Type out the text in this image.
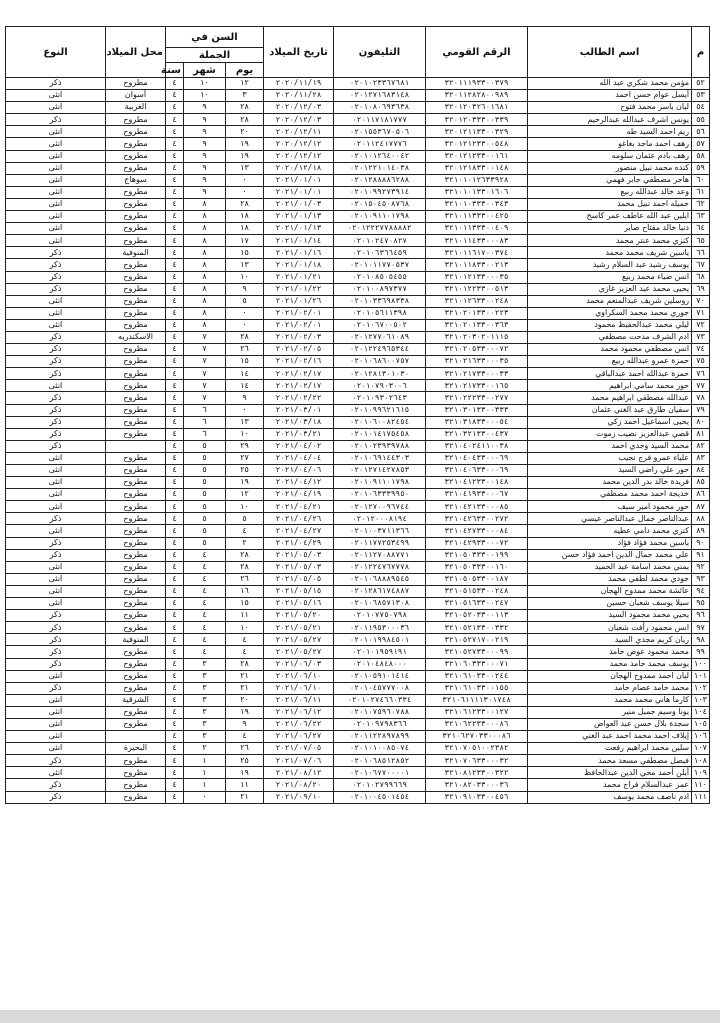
م	اسم الطالب	الرقم القومي	التليفون	تاريخ الميلاد	السن في			محل الميلاد	النوع
					الجملة				
					يوم	شهر	سنة		
٥٢	مؤمن محمد شكري عبد الله	٣٢٠١١١٩٣٣٠٠٣٧٩	٠٢٠١٠٢٣٣٦٧٦٨١	٢٠٢٠/١١/١٩	١٢	١٠	٤	مطروح	ذكر
٥٣	أيسل عوام حسن احمد	٣٢٠١١٢٨٢٨٠٠٩٨٩	٠٢٠١٢٧١٦٨٣١٤٨	٢٠٢٠/١١/٢٨	٣	١٠	٤	أسوان	انثى
٥٤	ليان ياسر محمد فتوح	٣٢٠١٢٠٣٢٦٠١٦٨١	٠٢٠١٠٨٠٦٩٣٦٣٨	٢٠٢٠/١٢/٠٣	٢٨	٩	٤	الغربية	انثى
٥٥	يونس اشرف عبدالله عبدالرحيم	٣٢٠١٢٠٣٣٣٠٠٣٣٩	٠٢٠١١٧١٨١٧٧٧	٢٠٢٠/١٢/٠٣	٢٨	٩	٤	مطروح	ذكر
٥٦	ريم احمد السيد طه	٣٢٠١٢١١٣٣٠٠٣٢٩	٠٢٠١٥٥٣٦٧٠٥٠٦	٢٠٢٠/١٢/١١	٢٠	٩	٤	مطروح	انثى
٥٧	رهف احمد ماجد بغاغو	٣٢٠١٢١٢٣٣٠٠٥٤٨	٠٢٠١١٢٤١٧٧٧٦	٢٠٢٠/١٢/١٢	١٩	٩	٤	مطروح	انثى
٥٨	رهف بادم عثمان سلومه	٣٢٠١٢١٢٣٣٠٠١٦١	٠٢٠١٠١٢٦٤٠٠٤٢	٢٠٢٠/١٢/١٢	١٩	٩	٤	مطروح	انثى
٥٩	كنده محمد نبيل منصور	٣٢٠١٢١٨٣٣٠٠١٤٨	٠٢٠١٢٢١٠١٤٠٣٨	٢٠٢٠/١٢/١٨	١٣	٩	٤	مطروح	انثى
٦٠	هاجر مصطفي جابر فهمي	٣٢١٠١٠١٢٦٣٣٩٢٨	٠٢٠١٢٨٨٨٨٦٢٨٨	٢٠٢١/٠١/٠١	٠	٩	٤	سوهاج	انثى
٦١	وعد خالد عبدالله ربيع	٣٢١٠١٠١٣٣٠١٦٠٦	٠٢٠١٠٩٩٢٧٣٩١٤	٢٠٢١/٠١/٠١	٠	٩	٤	مطروح	انثى
٦٢	جميله احمد نبيل محمد	٣٢١٠١٠٣٣٣٠٠٣٤٣	٠٢٠١٥٠٤٥٠٨٧٦٨	٢٠٢١/٠١/٠٣	٢٨	٨	٤	مطروح	انثى
٦٣	ايلين عبد الله عاطف عمر كاسح	٣٢١٠١١٣٣٣٠٠٤٢٥	٠٢٠١٠٩١١٠١٧٩٨	٢٠٢١/٠١/١٣	١٨	٨	٤	مطروح	انثى
٦٤	دنيا خالد مفتاح صابر	٣٢١٠١١٣٣٣٠٠٤٠٩	٠٢٠١٢٢٢٧٧٨٨٨٨٢	٢٠٢١/٠١/١٣	١٨	٨	٤	مطروح	انثى
٦٥	كنزي محمد عنتر محمد	٣٢١٠١١٤٣٣٠٠٠٨٣	٠٢٠١٠٢٤٧٠٨٢٧	٢٠٢١/٠١/١٤	١٧	٨	٤	مطروح	انثى
٦٦	ياسين شريف محمد محمد	٣٢١٠١١٦١٧٠٠٣٧٤	٠٢٠١٠٦٣٦٦٤٥٩	٢٠٢١/٠١/١٦	١٥	٨	٤	المنوفية	ذكر
٦٧	يوسف رشيد عبد السلام رشيد	٣٢١٠١١٨٣٣٠٠٢١٣	٠٢٠١٠١١٧٧٠٥٣٧	٢٠٢١/٠١/١٨	١٣	٨	٤	مطروح	ذكر
٦٨	انس ضياء محمد ربيع	٣٢١٠١٢١٣٣٠٠٠٣٥	٠٢٠١٠٨٥٠٥٤٥٥	٢٠٢١/٠١/٢١	١٠	٨	٤	مطروح	ذكر
٦٩	يحيى محمد عبد العزيز غازي	٣٢١٠١٢٢٣٣٠٠٥١٣	٠٢٠١٠٠٨٩٧٣٧٧	٢٠٢١/٠١/٢٢	٩	٨	٤	مطروح	ذكر
٧٠	روسلين شريف عبدالمنعم محمد	٣٢١٠١٢٦٣٣٠٠٢٤٨	٠٢٠١٠٣٣٦٩٨٣٣٨	٢٠٢١/٠١/٢٦	٥	٨	٤	مطروح	انثى
٧١	جوري محمد محمد السكراوي	٣٢١٠٢٠١٣٣٠٠٢٢٣	٠٢٠١٠٥٦١١٣٩٨	٢٠٢١/٠٢/٠١	٠	٨	٤	مطروح	انثى
٧٢	ليلي محمد عبدالحفيظ محمود	٣٢١٠٢٠١٣٣٠٠٣٦٣	٠٢٠١٠٦٧٠٠٥٠٢	٢٠٢١/٠٢/٠١	٠	٨	٤	مطروح	انثى
٧٣	ادم الشرف مدحت مصطفي	٣٢١٠٢٠٣٠٢٠١١١٥	٠٢٠١٢٧٧٠٦١٠٨٩	٢٠٢١/٠٢/٠٣	٢٨	٧	٤	الاسكندريه	ذكر
٧٤	انس مصطفي محمود محمد	٣٢١٠٢٠٥٣٣٠٠٠٧٢	٠٢٠١٢٢٤٩٦٥٣٤٤	٢٠٢١/٠٢/٠٥	٢٦	٧	٤	مطروح	ذكر
٧٥	حمزة عمرو عبدالله ربيع	٣٢١٠٢١٦٣٣٠٠٠٣٥	٠٢٠١٠٦٨٦٠٠٧٥٧	٢٠٢١/٠٢/١٦	١٥	٧	٤	مطروح	ذكر
٧٦	حمزة عبدالله احمد عبدالباقي	٣٢١٠٢١٧٣٣٠٠٠٣٣	٠٢٠١٢٨١٣٠١٠٣٠	٢٠٢١/٠٢/١٧	١٤	٧	٤	مطروح	ذكر
٧٧	حور محمد سامي ابراهيم	٣٢١٠٢١٧٣٣٠٠١٦٥	٠٢٠١٠٧٩٠٣٠٠٦	٢٠٢١/٠٢/١٧	١٤	٧	٤	مطروح	انثى
٧٨	عبدالله مصطفي ابراهيم محمد	٣٢١٠٢٢٢٣٣٠٠٢٧٧	٠٢٠١٠٩٣٠٢٦٤٣	٢٠٢١/٠٢/٢٢	٩	٧	٤	مطروح	ذكر
٧٩	سفيان طارق عبد الغني عثمان	٣٢١٠٣٠١٣٣٠٠٣٣٣	٠٢٠١٠٩٩٦٢١٦١٥	٢٠٢١/٠٣/٠١	٠	٦	٤	مطروح	ذكر
٨٠	يحيى اسماعيل احمد زكي	٣٢١٠٣١٨٣٣٠٠٠٥٤	٠٢٠١٠٦٠٠٨٢٤٥٤	٢٠٢١/٠٣/١٨	١٣	٦	٤	مطروح	ذكر
٨١	قصي عبدالعزيز نصيب زموت	٣٢١٠٣٢١٣٣٠٠٤٣٧	٠٢٠١٠١٤١٧٥٤٥٨	٢٠٢١/٠٣/٢١	١٠	٦	٤	مطروح	ذكر
٨٢	محمد السيد وجدي احمد	٣٢١٠٤٠٢٤١١٠٠٣٨	٠٢٠١٠٢٣٩٣٩٧٨٨	٢٠٢١/٠٤/٠٢	٢٩	٥	٤		ذكر
٨٣	علياء عمرو فرج نجيب	٣٢١٠٤٠٤٣٣٠٠٠٦٩	٠٢٠١٠٦٩١٤٤٣٠٣	٢٠٢١/٠٤/٠٤	٢٧	٥	٤	مطروح	انثى
٨٤	حور علي راضي السيد	٣٢١٠٤٠٦٣٣٠٠٠٦٩	٠٢٠١٢٧١٤٢٧٨٥٣	٢٠٢١/٠٤/٠٦	٢٥	٥	٤	مطروح	انثى
٨٥	فريدة خالد بدر الدين محمد	٣٢١٠٤١٢٣٣٠٠١٤٨	٠٢٠١٠٩١١٠١٧٩٨	٢٠٢١/٠٤/١٢	١٩	٥	٤	مطروح	انثى
٨٦	خديجة احمد محمد مصطفي	٣٢١٠٤١٩٣٣٠٠٠٦٧	٠٢٠١٠٦٣٣٣٩٩٥٠	٢٠٢١/٠٤/١٩	١٢	٥	٤	مطروح	انثى
٨٧	حور محمود امير سيف	٣٢١٠٤٢١٣٣٠٠٠٨٥	٠٢٠١٢٧٠٠٩٦٧٤٤	٢٠٢١/٠٤/٢١	١٠	٥	٤	مطروح	انثى
٨٨	عبدالناصر جمال عبدالناصر عيسي	٣٢١٠٤٢٦٣٣٠٠٢٧٢	٠٢٠١٢٠٠٠٨١٩٤	٢٠٢١/٠٤/٢٦	٥	٥	٤	مطروح	ذكر
٨٩	كنزي محمد دامي عطيه	٣٢١٠٤٢٧٣٣٠٠٠٨٤	٠٢٠١٠٠٣٧١١٣٦٦	٢٠٢١/٠٤/٢٧	٤	٥	٤	مطروح	انثى
٩٠	ياسين محمد فؤاد فؤاد	٣٢١٠٤٢٩٣٣٠٠٠٧٢	٠٢٠١١٧٧٢٥٣٤٩٩	٢٠٢١/٠٤/٢٩	٢	٥	٤	مطروح	ذكر
٩١	علي محمد جمال الدين احمد فؤاد حسن	٣٢١٠٥٠٣٣٣٠٠١٩٩	٠٢٠١١٢٧٠٨٨٧٧١	٢٠٢١/٠٥/٠٣	٢٨	٤	٤	مطروح	ذكر
٩٢	يمني محمد اسامة عبد الحميد	٣٢١٠٥٠٣٣٣٠٠١٦٠	٠٢٠١٢٢٤٧٦٧٧٧٨	٢٠٢١/٠٥/٠٣	٢٨	٤	٤	مطروح	انثى
٩٣	جودي محمد لطفي محمد	٣٢١٠٥٠٥٣٣٠٠١٨٧	٠٢٠١٠٦٨٨٨٩٥٤٥	٢٠٢١/٠٥/٠٥	٢٦	٤	٤	مطروح	انثى
٩٤	عائشة محمد ممدوح الهجان	٣٢١٠٥١٥٣٣٠٠٢٤٨	٠٢٠١٢٨٦١٧٤٨٨٧	٢٠٢١/٠٥/١٥	١٦	٤	٤	مطروح	انثى
٩٥	سيلا يوسف شعبان حسين	٣٢١٠٥١٦٣٣٠٠٢٤٧	٠٢٠١٠٦٨٥٧١٣٠٨	٢٠٢١/٠٥/١٦	١٥	٤	٤	مطروح	انثى
٩٦	يحيي محمد محمود السيد	٣٢١٠٥٢٠٣٣٠٠١١٣	٠٢٠١٠٧٧٥٠٧٩٨	٢٠٢١/٠٥/٢٠	١١	٤	٤	مطروح	ذكر
٩٧	انس محمود رأفت شعبان	٣٢١٠٥٢١٣٣٠٠٣٣٢	٠٢٠١١٩٥٣٠٠٠٣٦	٢٠٢١/٠٥/٢١	١٠	٤	٤	مطروح	ذكر
٩٨	ريان كريم مجدي السيد	٣٢١٠٥٢٧١٧٠٠٢١٩	٠٢٠١٠١٩٩٨٤٥٠١	٢٠٢١/٠٥/٢٧	٤	٤	٤	المنوفية	ذكر
٩٩	محمد محمود عوض حامد	٣٢١٠٥٢٧٣٣٠٠٠٩٩	٠٢٠١٠١٩٥٩١٩١	٢٠٢١/٠٥/٢٧	٤	٤	٤	مطروح	ذكر
١٠٠	يوسف محمد حامد محمد	٣٢١٠٦٠٣٣٣٠٠٠٧١	٠٢٠١٠٤٨٤٨٠٠٠	٢٠٢١/٠٦/٠٣	٢٨	٣	٤	مطروح	ذكر
١٠١	ليان احمد ممدوح الهجان	٣٢١٠٦١٠٣٣٠٠٢٤٤	٠٢٠١٠٥٩١٠١٤١٤	٢٠٢١/٠٦/١٠	٢١	٣	٤	مطروح	انثى
١٠٢	محمد حامد عصام حامد	٣٢١٠٦١٠٣٣٠٠١٥٥	٠٢٠١٠٤٥٧٧٧٠٠٨	٢٠٢١/٠٦/١٠	٢١	٣	٤	مطروح	ذكر
١٠٣	كارما هاني محمد محمد	٣٢١٠٦١١١١٣٠١٧٤٨	٠٢٠١٠٢٧٤٦٦٠٣٣٤	٢٠٢١/٠٦/١١	٢٠	٣	٤	الشرقية	انثى
١٠٤	يونا وسيم جميل منير	٣٢١٠٦١٢٣٣٠٠١٢٧	٠٢٠١٠٧٥٩٦٠٧٨٨	٢٠٢١/٠٦/١٢	١٩	٣	٤	مطروح	انثى
١٠٥	سجدة بلال حسن عبد العواض	٣٢١٠٦٢٢٣٣٠٠٠٨٦	٠٢٠١٠٩٧٩٨٣٦٦	٢٠٢١/٠٦/٢٢	٩	٣	٤	مطروح	انثى
١٠٦	إيلاف احمد محمد احمد عبد الغني	٣٢١٠٦٢٧٠٣٣٠٠٠٨٦	٠٢٠١١٢٢٨٩٧٨٩٩	٢٠٢١/٠٦/٢٧	٤	٣	٤		انثى
١٠٧	سلين محمد ابراهيم رفعت	٣٢١٠٧٠٥١٠٠٢٣٨٢	٠٢٠١٠١٠٠٨٥٠٧٤	٢٠٢١/٠٧/٠٥	٢٦	٢	٤	البحيرة	انثى
١٠٨	فيصل مصطفي مسعد محمد	٣٢١٠٧٠٦٣٣٠٠٠٣٢	٠٢٠١٠٦٨٥١٢٨٥٢	٢٠٢١/٠٧/٠٦	٢٥	١	٤	مطروح	ذكر
١٠٩	أيلن أحمد محي الدين عبدالحافظ	٣٢١٠٨١٢٣٣٠٠٣٢٢	٠٢٠١٠٦٧٧٠٠٠٠١	٢٠٢١/٠٨/١٢	١٩	١	٤	مطروح	انثى
١١٠	عمر عبدالسلام فراج محمد	٣٢١٠٨٢٠٣٣٠٠٠٣٦	٠٢٠١٠٢٧٩٩٦٦٩	٢٠٢١/٠٨/٢٠	١١	١	٤	مطروح	ذكر
١١١	ادم ناصف محمد يوسف	٣٢١٠٩١٠٣٣٠٠٤٥٦	٠٢٠١٠٠٤٥٠١٤٥٤	٢٠٢١/٠٩/١٠	٢١	٠	٤	مطروح	ذكر
